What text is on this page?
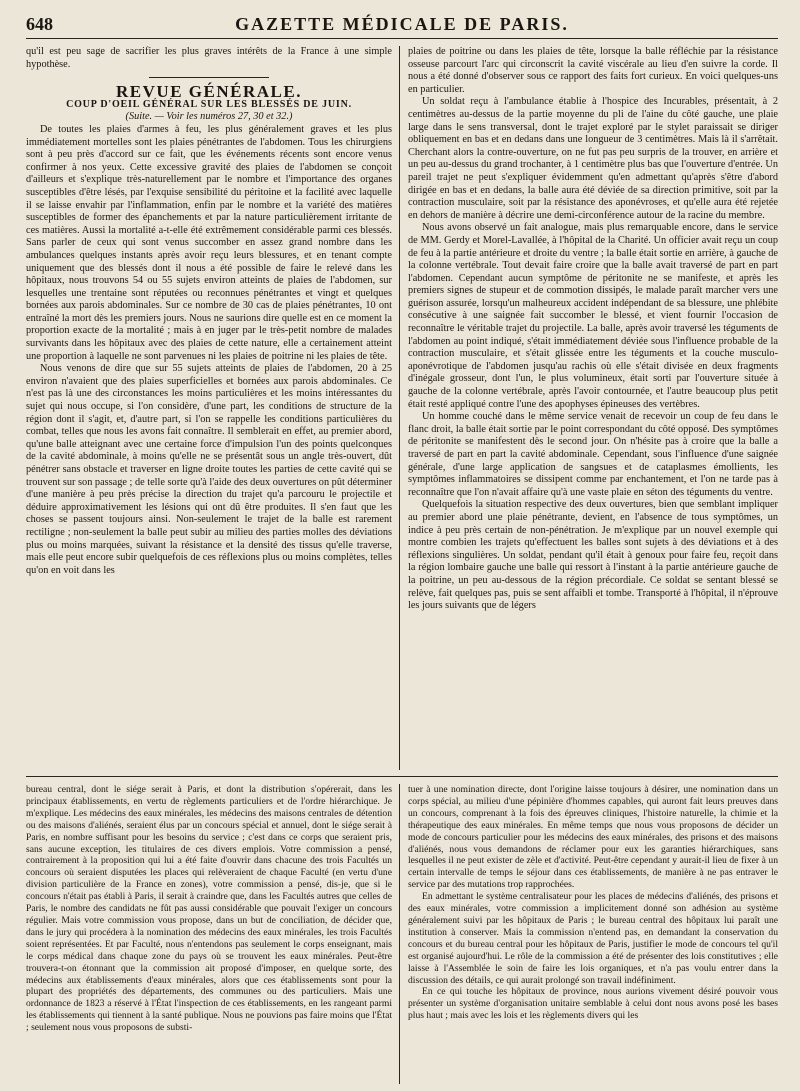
648	GAZETTE MÉDICALE DE PARIS.

qu'il est peu sage de sacrifier les plus graves intérêts de la France à une simple hypothèse.

REVUE GÉNÉRALE.

COUP D'OEIL GÉNÉRAL SUR LES BLESSÉS DE JUIN.

(Suite. — Voir les numéros 27, 30 et 32.)

De toutes les plaies d'armes à feu, les plus généralement graves et les plus immédiatement mortelles sont les plaies pénétrantes de l'abdomen. Tous les chirurgiens sont à peu près d'accord sur ce fait, que les événements récents sont encore venus confirmer à nos yeux. Cette excessive gravité des plaies de l'abdomen se conçoit d'ailleurs et s'explique très-naturellement par le nombre et l'importance des organes susceptibles d'être lésés, par l'exquise sensibilité du péritoine et la facilité avec laquelle il se laisse envahir par l'inflammation, enfin par le nombre et la variété des matières susceptibles de former des épanchements et par la nature particulièrement irritante de ces matières. Aussi la mortalité a-t-elle été extrêmement considérable parmi ces blessés. Sans parler de ceux qui sont venus succomber en assez grand nombre dans les ambulances quelques instants après avoir reçu leurs blessures, et en tenant compte uniquement que des blessés dont il nous a été possible de faire le relevé dans les hôpitaux, nous trouvons 54 ou 55 sujets environ atteints de plaies de l'abdomen, sur lesquelles une trentaine sont réputées ou reconnues pénétrantes et vingt et quelques bornées aux parois abdominales. Sur ce nombre de 30 cas de plaies pénétrantes, 10 ont entraîné la mort dès les premiers jours. Nous ne saurions dire quelle est en ce moment la proportion exacte de la mortalité ; mais à en juger par le très-petit nombre de malades survivants dans les hôpitaux avec des plaies de cette nature, elle a certainement atteint une proportion à laquelle ne sont parvenues ni les plaies de poitrine ni les plaies de tête.

Nous venons de dire que sur 55 sujets atteints de plaies de l'abdomen, 20 à 25 environ n'avaient que des plaies superficielles et bornées aux parois abdominales. Ce n'est pas là une des circonstances les moins particulières et les moins intéressantes du sujet qui nous occupe, si l'on considère, d'une part, les conditions de structure de la région dont il s'agit, et, d'autre part, si l'on se rappelle les conditions particulières du combat, telles que nous les avons fait connaître. Il semblerait en effet, au premier abord, qu'une balle atteignant avec une certaine force d'impulsion l'un des points quelconques de la cavité abdominale, à moins qu'elle ne se présentât sous un angle très-ouvert, dût pénétrer sans obstacle et traverser en ligne droite toutes les parties de cette cavité qui se trouvent sur son passage ; de telle sorte qu'à l'aide des deux ouvertures on pût déterminer d'une manière à peu près précise la direction du trajet qu'a parcouru le projectile et déduire approximativement les lésions qui ont dû être produites. Il s'en faut que les choses se passent toujours ainsi. Non-seulement le trajet de la balle est rarement rectiligne ; non-seulement la balle peut subir au milieu des parties molles des déviations plus ou moins marquées, suivant la résistance et la densité des tissus qu'elle traverse, mais elle peut encore subir quelquefois de ces réflexions plus ou moins complètes, telles qu'on en voit dans les

plaies de poitrine ou dans les plaies de tête, lorsque la balle réfléchie par la résistance osseuse parcourt l'arc qui circonscrit la cavité viscérale au lieu d'en suivre la corde. Il nous a été donné d'observer sous ce rapport des faits fort curieux. En voici quelques-uns en particulier.

Un soldat reçu à l'ambulance établie à l'hospice des Incurables, présentait, à 2 centimètres au-dessus de la partie moyenne du pli de l'aine du côté gauche, une plaie large dans le sens transversal, dont le trajet exploré par le stylet paraissait se diriger obliquement en bas et en dedans dans une longueur de 3 centimètres. Mais là il s'arrêtait. Cherchant alors la contre-ouverture, on ne fut pas peu surpris de la trouver, en arrière et un peu au-dessus du grand trochanter, à 1 centimètre plus bas que l'ouverture d'entrée. Un pareil trajet ne peut s'expliquer évidemment qu'en admettant qu'après s'être d'abord dirigée en bas et en dedans, la balle aura été déviée de sa direction primitive, soit par la contraction musculaire, soit par la résistance des aponévroses, et qu'elle aura été rejetée en dehors de manière à décrire une demi-circonférence autour de la racine du membre.

Nous avons observé un fait analogue, mais plus remarquable encore, dans le service de MM. Gerdy et Morel-Lavallée, à l'hôpital de la Charité. Un officier avait reçu un coup de feu à la partie antérieure et droite du ventre ; la balle était sortie en arrière, à gauche de la colonne vertébrale. Tout devait faire croire que la balle avait traversé de part en part l'abdomen. Cependant aucun symptôme de péritonite ne se manifeste, et après les premiers signes de stupeur et de commotion dissipés, le malade paraît marcher vers une guérison assurée, lorsqu'un malheureux accident indépendant de sa blessure, une phlébite consécutive à une saignée fait succomber le blessé, et vient fournir l'occasion de reconnaître le véritable trajet du projectile. La balle, après avoir traversé les téguments de l'abdomen au point indiqué, s'était immédiatement déviée sous l'influence probable de la contraction musculaire, et s'était glissée entre les téguments et la couche musculo-aponévrotique de l'abdomen jusqu'au rachis où elle s'était divisée en deux fragments d'inégale grosseur, dont l'un, le plus volumineux, était sorti par l'ouverture située à gauche de la colonne vertébrale, après l'avoir contournée, et l'autre beaucoup plus petit était resté appliqué contre l'une des apophyses épineuses des vertèbres.

Un homme couché dans le même service venait de recevoir un coup de feu dans le flanc droit, la balle était sortie par le point correspondant du côté opposé. Des symptômes de péritonite se manifestent dès le second jour. On n'hésite pas à croire que la balle a traversé de part en part la cavité abdominale. Cependant, sous l'influence d'une saignée générale, d'une large application de sangsues et de cataplasmes émollients, les symptômes inflammatoires se dissipent comme par enchantement, et l'on ne tarde pas à reconnaître que l'on n'avait affaire qu'à une vaste plaie en séton des téguments du ventre.

Quelquefois la situation respective des deux ouvertures, bien que semblant impliquer au premier abord une plaie pénétrante, devient, en l'absence de tous symptômes, un indice à peu près certain de non-pénétration. Je m'explique par un nouvel exemple qui montre combien les trajets qu'effectuent les balles sont sujets à des déviations et à des réflexions singulières. Un soldat, pendant qu'il était à genoux pour faire feu, reçoit dans la région lombaire gauche une balle qui ressort à l'instant à la partie antérieure gauche de la poitrine, un peu au-dessous de la région précordiale. Ce soldat se sentant blessé se relève, fait quelques pas, puis se sent affaibli et tombe. Transporté à l'hôpital, il n'éprouve les jours suivants que de légers

bureau central, dont le siége serait à Paris, et dont la distribution s'opérerait, dans les principaux établissements, en vertu de règlements particuliers et de l'ordre hiérarchique. Je m'explique. Les médecins des eaux minérales, les médecins des maisons centrales de détention ou des maisons d'aliénés, seraient élus par un concours spécial et annuel, dont le siége serait à Paris, en nombre suffisant pour les besoins du service ; c'est dans ce corps que seraient pris, sans aucune exception, les titulaires de ces divers emplois. Votre commission a pensé, contrairement à la proposition qui lui a été faite d'ouvrir dans chacune des trois Facultés un concours où seraient disputées les places qui relèveraient de chaque Faculté (en vertu d'une division particulière de la France en zones), votre commission a pensé, dis-je, que si le concours n'était pas établi à Paris, il serait à craindre que, dans les Facultés autres que celles de Paris, le nombre des candidats ne fût pas aussi considérable que pouvait l'exiger un concours régulier. Mais votre commission vous propose, dans un but de conciliation, de décider que, dans le jury qui procédera à la nomination des médecins des eaux minérales, les trois Facultés soient représentées. Et par Faculté, nous n'entendons pas seulement le corps enseignant, mais le corps médical dans chaque zone du pays où se trouvent les eaux minérales. Peut-être trouvera-t-on étonnant que la commission ait proposé d'imposer, en quelque sorte, des médecins aux établissements d'eaux minérales, alors que ces établissements sont pour la plupart des propriétés des départements, des communes ou des particuliers. Mais une ordonnance de 1823 a réservé à l'État l'inspection de ces établissements, en les rangeant parmi les établissements qui tiennent à la santé publique. Nous ne pouvions pas faire moins que l'État ; seulement nous vous proposons de substi-

tuer à une nomination directe, dont l'origine laisse toujours à désirer, une nomination dans un corps spécial, au milieu d'une pépinière d'hommes capables, qui auront fait leurs preuves dans un concours, comprenant à la fois des épreuves cliniques, l'histoire naturelle, la chimie et la thérapeutique des eaux minérales. En même temps que nous vous proposons de décider un mode de concours particulier pour les médecins des eaux minérales, des prisons et des maisons d'aliénés, nous vous demandons de réclamer pour eux les garanties hiérarchiques, sans lesquelles il ne peut exister de zèle et d'activité. Peut-être cependant y aurait-il lieu de fixer à un certain intervalle de temps le séjour dans ces établissements, de manière à ne pas entraver le service par des mutations trop rapprochées.

En admettant le système centralisateur pour les places de médecins d'aliénés, des prisons et des eaux minérales, votre commission a implicitement donné son adhésion au système généralement suivi par les hôpitaux de Paris ; le bureau central des hôpitaux lui paraît une institution à conserver. Mais la commission n'entend pas, en demandant la conservation du concours et du bureau central pour les hôpitaux de Paris, justifier le mode de concours tel qu'il est organisé aujourd'hui. Le rôle de la commission a été de présenter des lois constitutives ; elle laisse à l'Assemblée le soin de faire les lois organiques, et n'a pas voulu entrer dans la discussion des détails, ce qui aurait prolongé son travail indéfiniment.

En ce qui touche les hôpitaux de province, nous aurions vivement désiré pouvoir vous présenter un système d'organisation unitaire semblable à celui dont nous avons posé les bases plus haut ; mais avec les lois et les règlements divers qui les
